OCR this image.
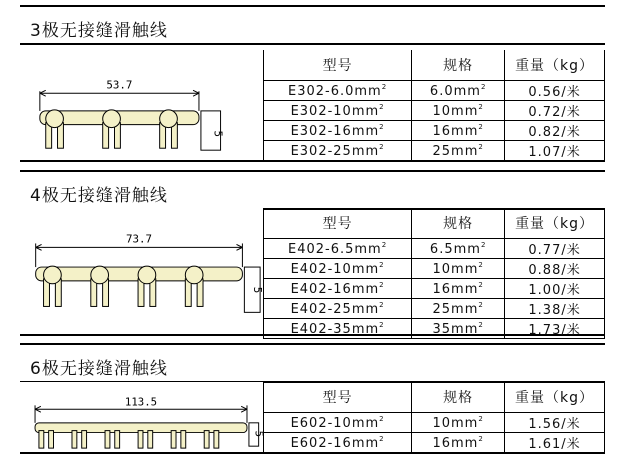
3极无接缝滑触线
53.7
5
型号	规格	重量（kg）
$E302-6.0mm^2$	$6.0mm^2$	0.56/米
$E302-10mm^2$	$10mm^2$	0.72/米
$E302-16mm^2$	$16mm^2$	0.82/米
$E302-25mm^2$	$25mm^2$	1.07/米
4极无接缝滑触线
73.7
5
型号	规格	重量（kg）
$E402-6.5mm^2$	$6.5mm^2$	0.77/米
$E402-10mm^2$	$10mm^2$	0.88/米
$E402-16mm^2$	$16mm^2$	1.00/米
$E402-25mm^2$	$25mm^2$	1.38/米
$E402-35mm^2$	$35mm^2$	1.73/米
6极无接缝滑触线
113.5
5
型号	规格	重量（kg）
$E602-10mm^2$	$10mm^2$	1.56/米
$E602-16mm^2$	$16mm^2$	1.61/米
